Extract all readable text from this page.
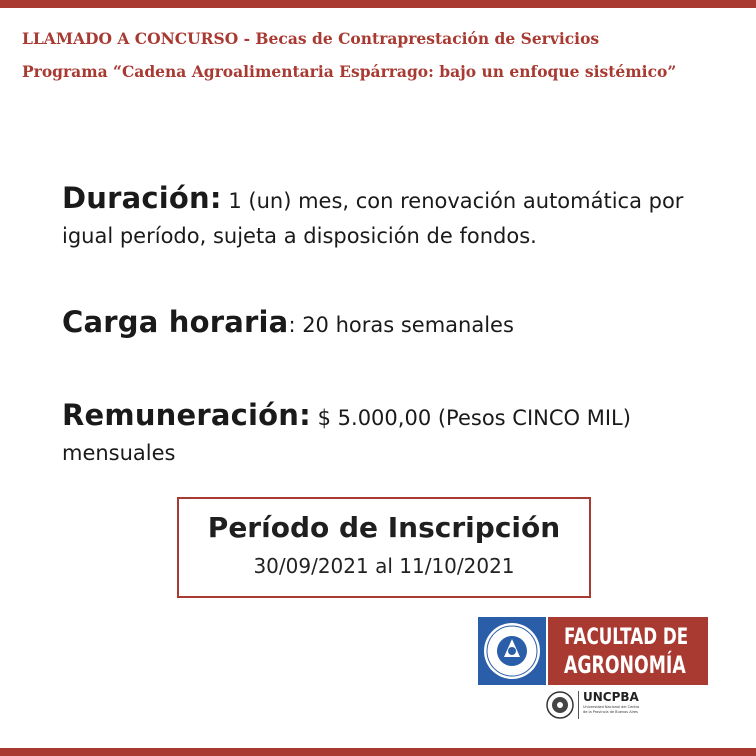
LLAMADO A CONCURSO - Becas de Contraprestación de Servicios
Programa “Cadena Agroalimentaria Espárrago: bajo un enfoque sistémico”
Duración: 1 (un) mes, con renovación automática por igual período, sujeta a disposición de fondos.
Carga horaria: 20 horas semanales
Remuneración: $ 5.000,00 (Pesos CINCO MIL) mensuales
Período de Inscripción
30/09/2021 al 11/10/2021
FACULTAD DE
AGRONOMÍA
UNCPBA
Universidad Nacional del Centro
de la Provincia de Buenos Aires
